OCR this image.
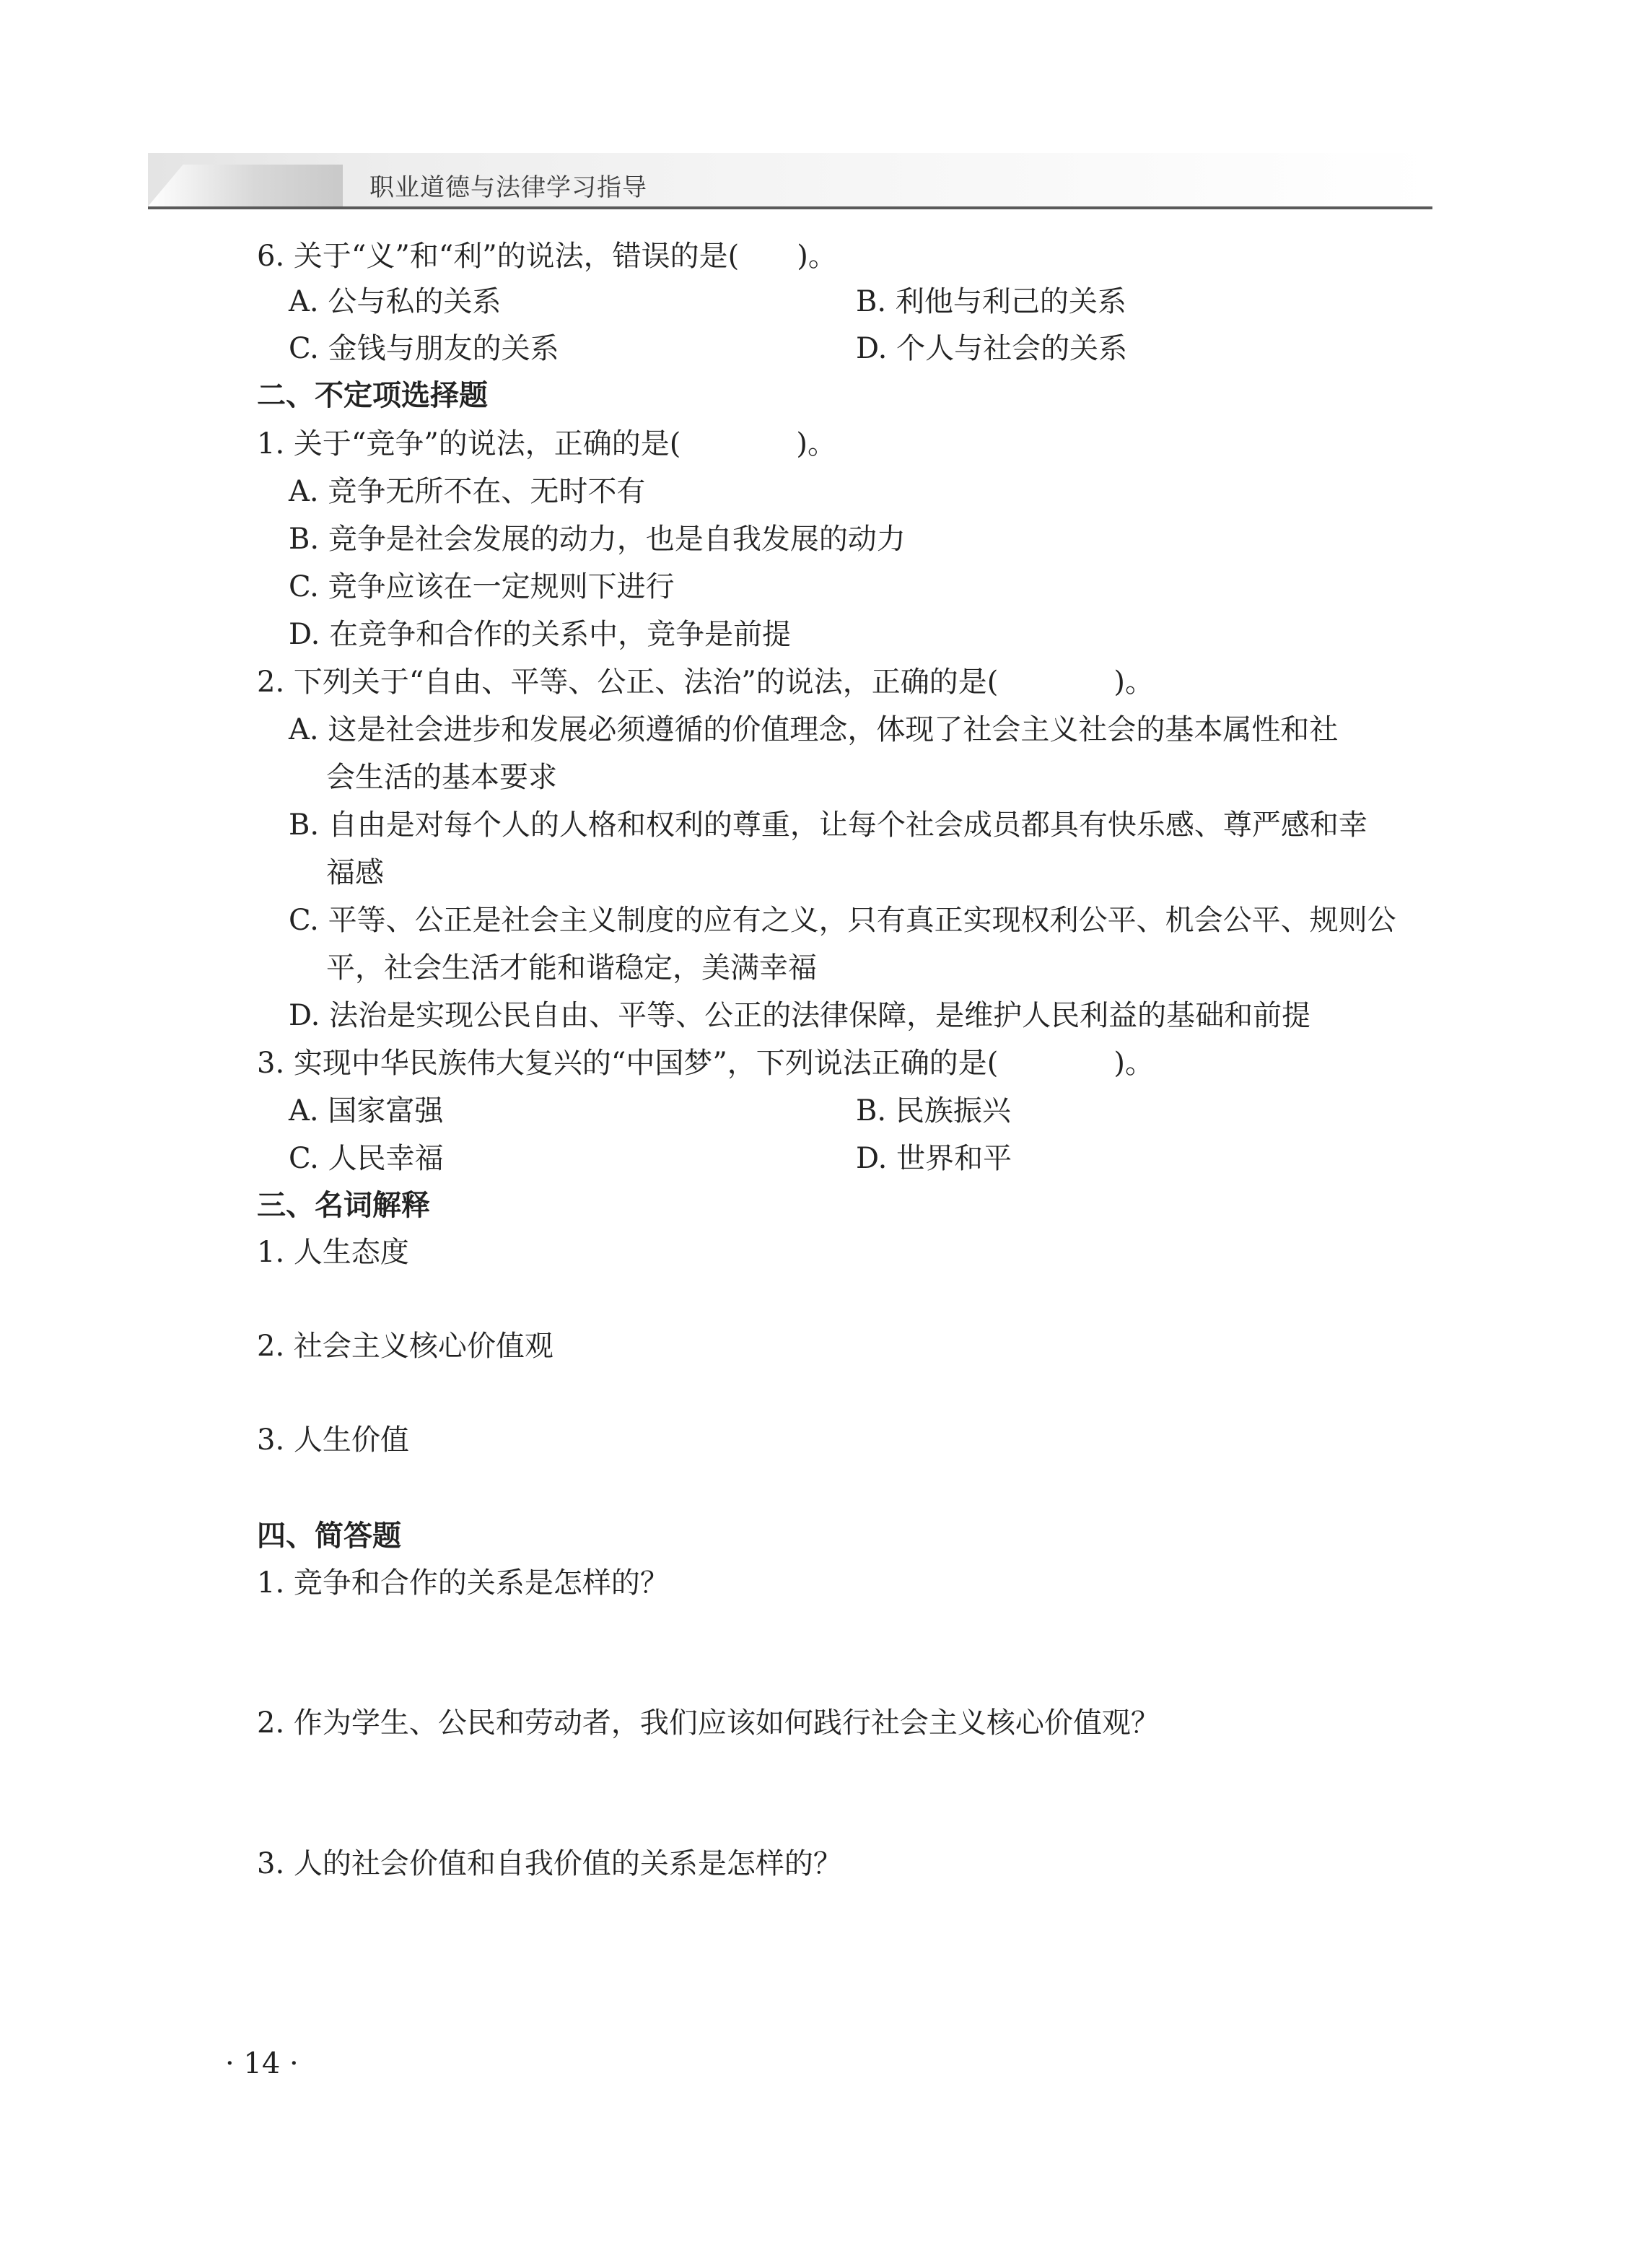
职业道德与法律学习指导
6. 关于“义”和“利”的说法，错误的是(　　)。
A. 公与私的关系	B. 利他与利己的关系
C. 金钱与朋友的关系	D. 个人与社会的关系
二、不定项选择题
1. 关于“竞争”的说法，正确的是(　　　　)。
A. 竞争无所不在、无时不有
B. 竞争是社会发展的动力，也是自我发展的动力
C. 竞争应该在一定规则下进行
D. 在竞争和合作的关系中，竞争是前提
2. 下列关于“自由、平等、公正、法治”的说法，正确的是(　　　　)。
A. 这是社会进步和发展必须遵循的价值理念，体现了社会主义社会的基本属性和社
会生活的基本要求
B. 自由是对每个人的人格和权利的尊重，让每个社会成员都具有快乐感、尊严感和幸
福感
C. 平等、公正是社会主义制度的应有之义，只有真正实现权利公平、机会公平、规则公
平，社会生活才能和谐稳定，美满幸福
D. 法治是实现公民自由、平等、公正的法律保障，是维护人民利益的基础和前提
3. 实现中华民族伟大复兴的“中国梦”，下列说法正确的是(　　　　)。
A. 国家富强	B. 民族振兴
C. 人民幸福	D. 世界和平
三、名词解释
1. 人生态度
2. 社会主义核心价值观
3. 人生价值
四、简答题
1. 竞争和合作的关系是怎样的？
2. 作为学生、公民和劳动者，我们应该如何践行社会主义核心价值观？
3. 人的社会价值和自我价值的关系是怎样的？
· 14 ·
